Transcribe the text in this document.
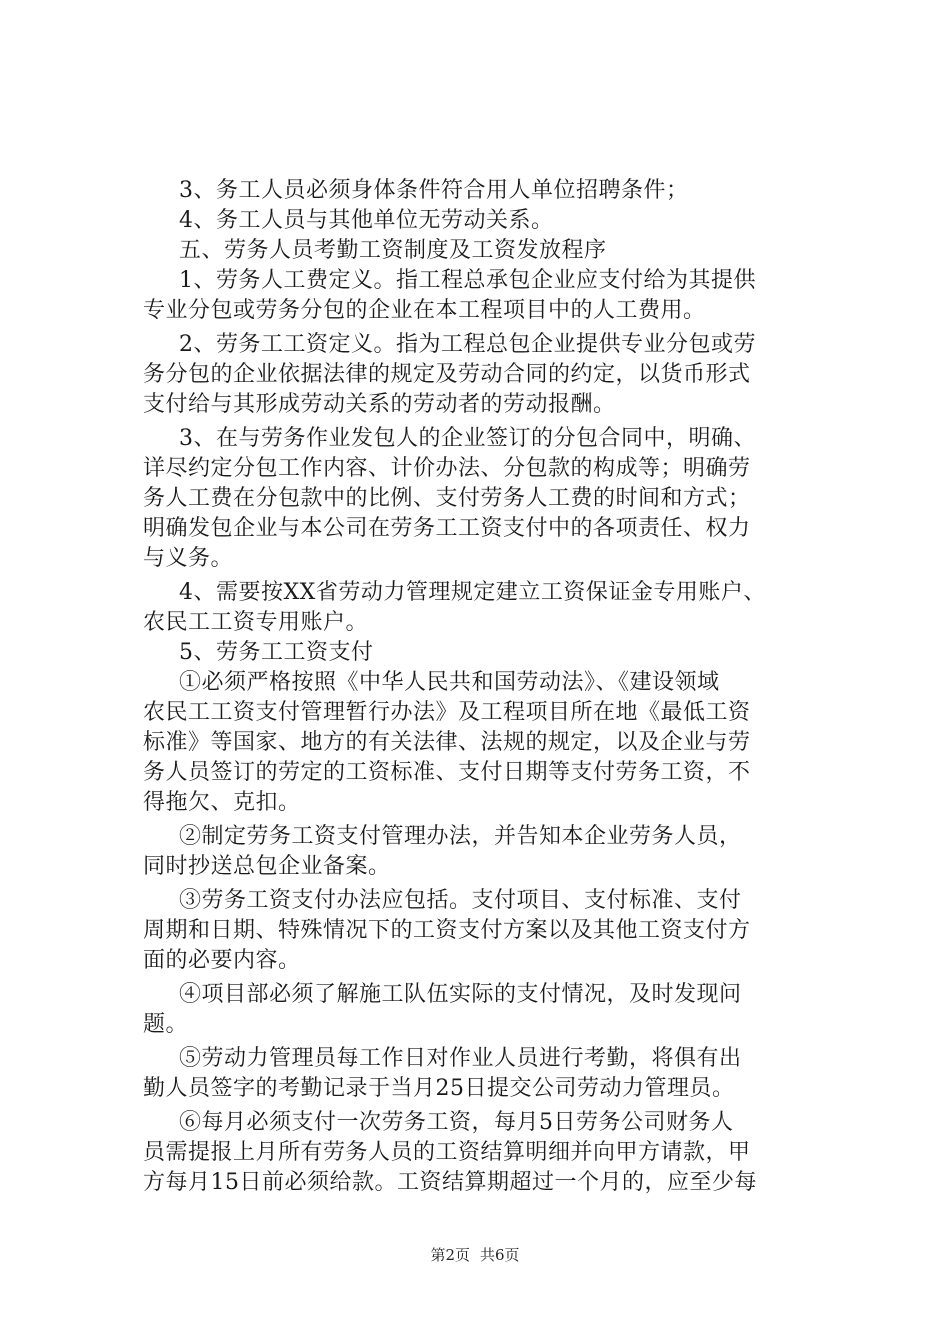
3、务工人员必须身体条件符合用人单位招聘条件；
4、务工人员与其他单位无劳动关系。
五、劳务人员考勤工资制度及工资发放程序
1、劳务人工费定义。指工程总承包企业应支付给为其提供
专业分包或劳务分包的企业在本工程项目中的人工费用。
2、劳务工工资定义。指为工程总包企业提供专业分包或劳
务分包的企业依据法律的规定及劳动合同的约定，以货币形式
支付给与其形成劳动关系的劳动者的劳动报酬。
3、在与劳务作业发包人的企业签订的分包合同中，明确、
详尽约定分包工作内容、计价办法、分包款的构成等；明确劳
务人工费在分包款中的比例、支付劳务人工费的时间和方式；
明确发包企业与本公司在劳务工工资支付中的各项责任、权力
与义务。
4、需要按XX省劳动力管理规定建立工资保证金专用账户、
农民工工资专用账户。
5、劳务工工资支付
①必须严格按照《中华人民共和国劳动法》、《建设领域
农民工工资支付管理暂行办法》及工程项目所在地《最低工资
标准》等国家、地方的有关法律、法规的规定，以及企业与劳
务人员签订的劳定的工资标准、支付日期等支付劳务工资，不
得拖欠、克扣。
②制定劳务工资支付管理办法，并告知本企业劳务人员，
同时抄送总包企业备案。
③劳务工资支付办法应包括。支付项目、支付标准、支付
周期和日期、特殊情况下的工资支付方案以及其他工资支付方
面的必要内容。
④项目部必须了解施工队伍实际的支付情况，及时发现问
题。
⑤劳动力管理员每工作日对作业人员进行考勤，将俱有出
勤人员签字的考勤记录于当月25日提交公司劳动力管理员。
⑥每月必须支付一次劳务工资，每月5日劳务公司财务人
员需提报上月所有劳务人员的工资结算明细并向甲方请款，甲
方每月15日前必须给款。工资结算期超过一个月的，应至少每
第2页 共6页
